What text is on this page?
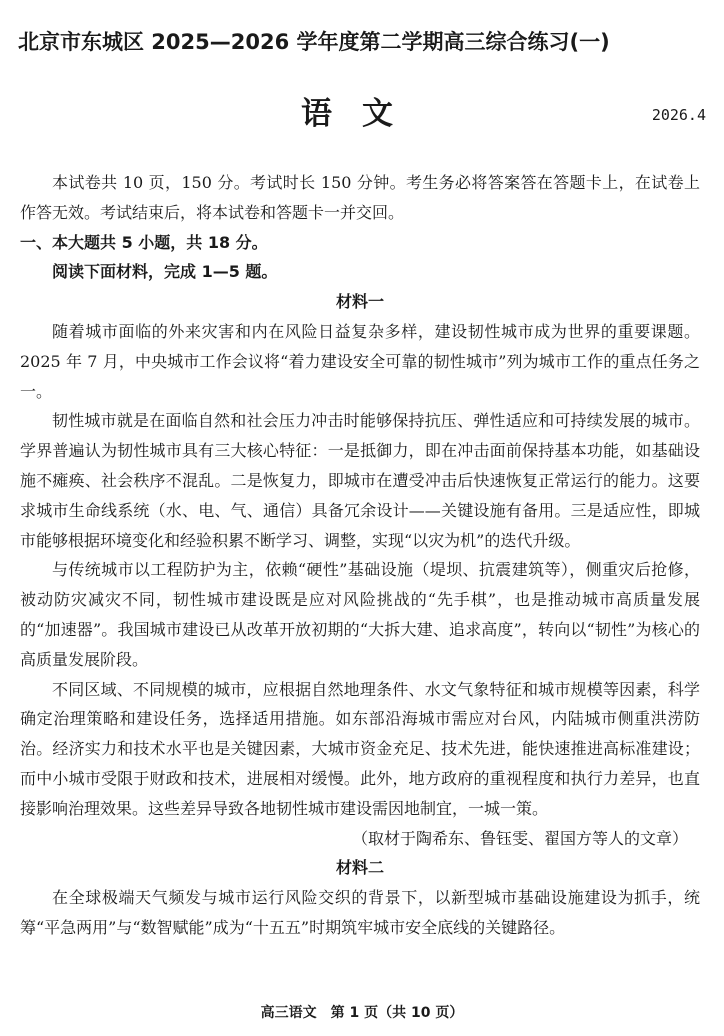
北京市东城区 2025—2026 学年度第二学期高三综合练习(一)
语文	2026.4

本试卷共 10 页，150 分。考试时长 150 分钟。考生务必将答案答在答题卡上，在试卷上作答无效。考试结束后，将本试卷和答题卡一并交回。

一、本大题共 5 小题，共 18 分。

阅读下面材料，完成 1—5 题。

材料一

随着城市面临的外来灾害和内在风险日益复杂多样，建设韧性城市成为世界的重要课题。2025 年 7 月，中央城市工作会议将“着力建设安全可靠的韧性城市”列为城市工作的重点任务之一。

韧性城市就是在面临自然和社会压力冲击时能够保持抗压、弹性适应和可持续发展的城市。学界普遍认为韧性城市具有三大核心特征：一是抵御力，即在冲击面前保持基本功能，如基础设施不瘫痪、社会秩序不混乱。二是恢复力，即城市在遭受冲击后快速恢复正常运行的能力。这要求城市生命线系统（水、电、气、通信）具备冗余设计——关键设施有备用。三是适应性，即城市能够根据环境变化和经验积累不断学习、调整，实现“以灾为机”的迭代升级。

与传统城市以工程防护为主，依赖“硬性”基础设施（堤坝、抗震建筑等），侧重灾后抢修，被动防灾减灾不同，韧性城市建设既是应对风险挑战的“先手棋”，也是推动城市高质量发展的“加速器”。我国城市建设已从改革开放初期的“大拆大建、追求高度”，转向以“韧性”为核心的高质量发展阶段。

不同区域、不同规模的城市，应根据自然地理条件、水文气象特征和城市规模等因素，科学确定治理策略和建设任务，选择适用措施。如东部沿海城市需应对台风，内陆城市侧重洪涝防治。经济实力和技术水平也是关键因素，大城市资金充足、技术先进，能快速推进高标准建设；而中小城市受限于财政和技术，进展相对缓慢。此外，地方政府的重视程度和执行力差异，也直接影响治理效果。这些差异导致各地韧性城市建设需因地制宜，一城一策。

（取材于陶希东、鲁钰雯、翟国方等人的文章）

材料二

在全球极端天气频发与城市运行风险交织的背景下，以新型城市基础设施建设为抓手，统筹“平急两用”与“数智赋能”成为“十五五”时期筑牢城市安全底线的关键路径。

高三语文　第 1 页（共 10 页）
